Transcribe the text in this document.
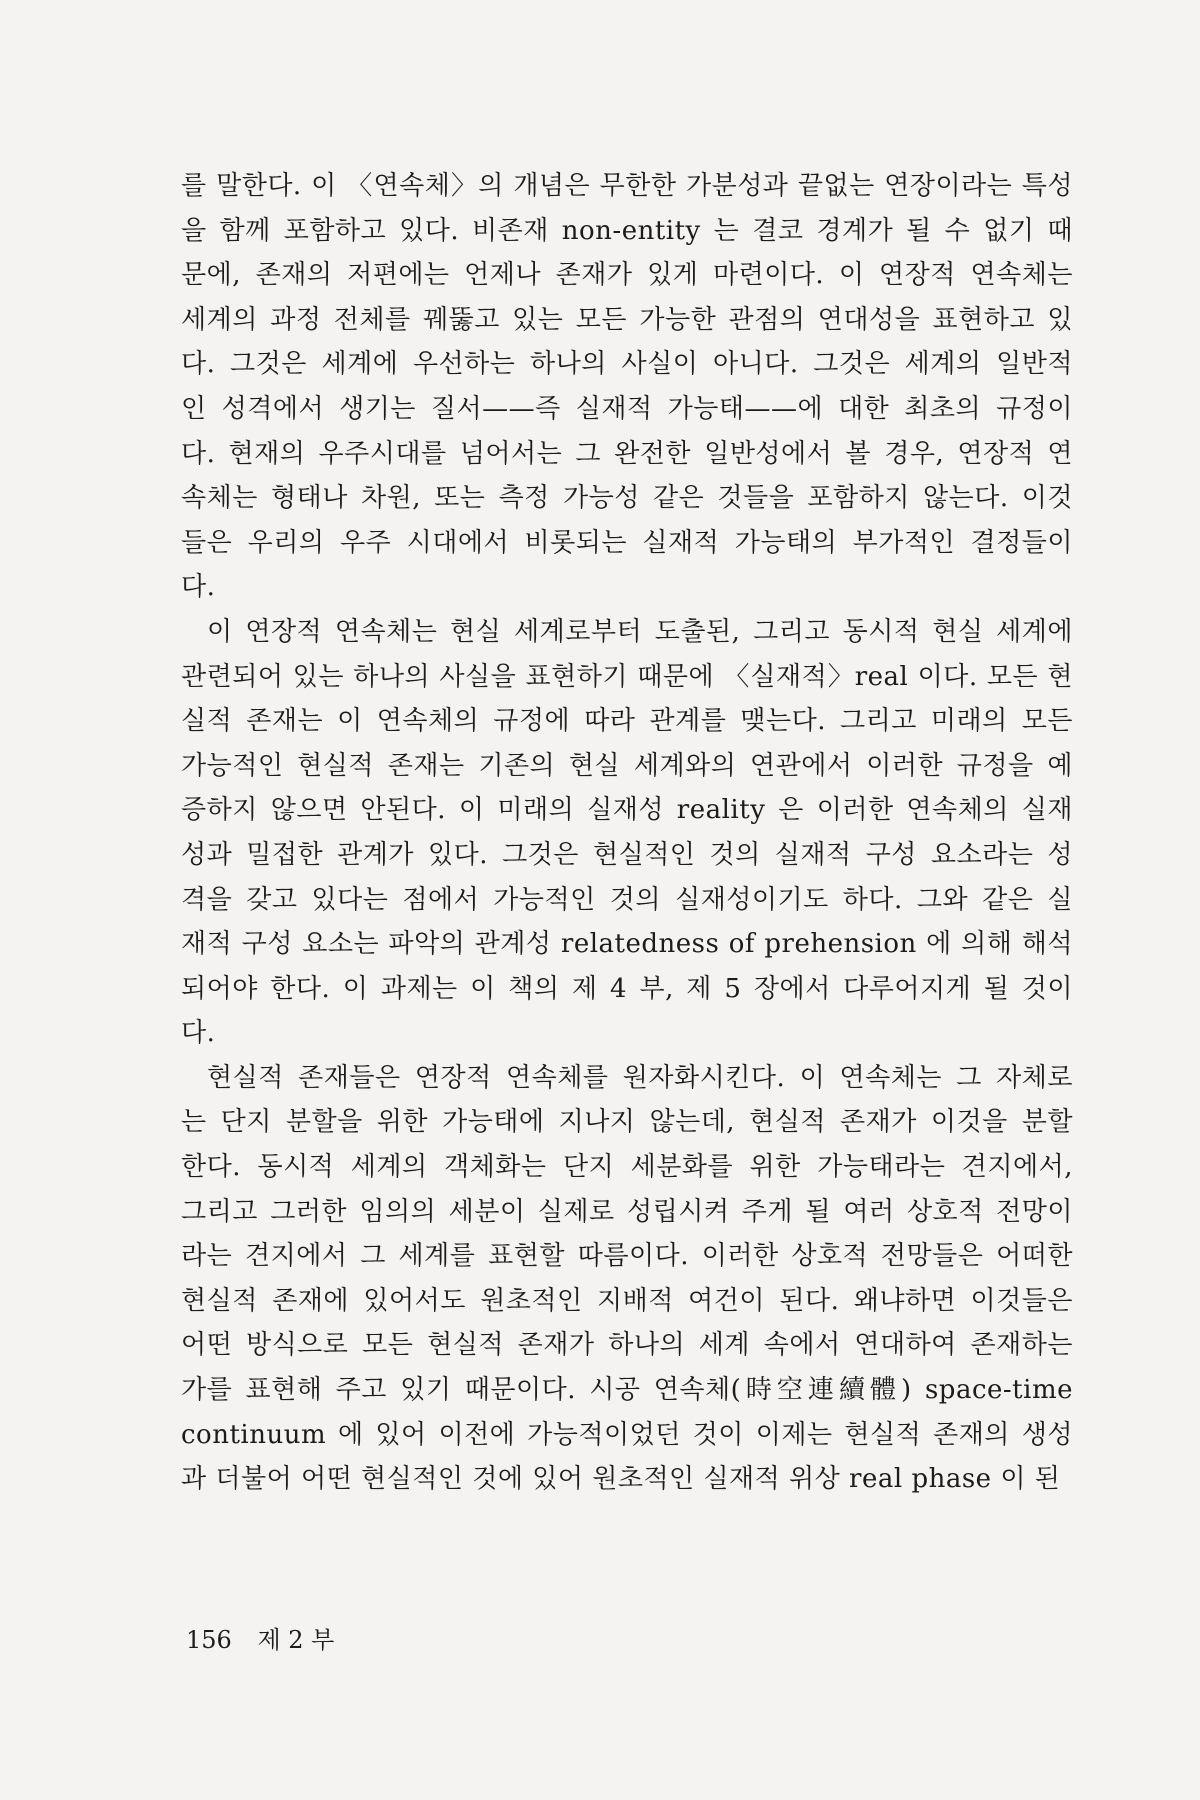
를 말한다. 이 〈연속체〉의 개념은 무한한 가분성과 끝없는 연장이라는 특성
을 함께 포함하고 있다. 비존재 non-entity 는 결코 경계가 될 수 없기 때
문에, 존재의 저편에는 언제나 존재가 있게 마련이다. 이 연장적 연속체는
세계의 과정 전체를 꿰뚫고 있는 모든 가능한 관점의 연대성을 표현하고 있
다. 그것은 세계에 우선하는 하나의 사실이 아니다. 그것은 세계의 일반적
인 성격에서 생기는 질서——즉 실재적 가능태——에 대한 최초의 규정이
다. 현재의 우주시대를 넘어서는 그 완전한 일반성에서 볼 경우, 연장적 연
속체는 형태나 차원, 또는 측정 가능성 같은 것들을 포함하지 않는다. 이것
들은 우리의 우주 시대에서 비롯되는 실재적 가능태의 부가적인 결정들이
다.

이 연장적 연속체는 현실 세계로부터 도출된, 그리고 동시적 현실 세계에
관련되어 있는 하나의 사실을 표현하기 때문에 〈실재적〉real 이다. 모든 현
실적 존재는 이 연속체의 규정에 따라 관계를 맺는다. 그리고 미래의 모든
가능적인 현실적 존재는 기존의 현실 세계와의 연관에서 이러한 규정을 예
증하지 않으면 안된다. 이 미래의 실재성 reality 은 이러한 연속체의 실재
성과 밀접한 관계가 있다. 그것은 현실적인 것의 실재적 구성 요소라는 성
격을 갖고 있다는 점에서 가능적인 것의 실재성이기도 하다. 그와 같은 실
재적 구성 요소는 파악의 관계성 relatedness of prehension 에 의해 해석
되어야 한다. 이 과제는 이 책의 제 4 부, 제 5 장에서 다루어지게 될 것이
다.

현실적 존재들은 연장적 연속체를 원자화시킨다. 이 연속체는 그 자체로
는 단지 분할을 위한 가능태에 지나지 않는데, 현실적 존재가 이것을 분할
한다. 동시적 세계의 객체화는 단지 세분화를 위한 가능태라는 견지에서,
그리고 그러한 임의의 세분이 실제로 성립시켜 주게 될 여러 상호적 전망이
라는 견지에서 그 세계를 표현할 따름이다. 이러한 상호적 전망들은 어떠한
현실적 존재에 있어서도 원초적인 지배적 여건이 된다. 왜냐하면 이것들은
어떤 방식으로 모든 현실적 존재가 하나의 세계 속에서 연대하여 존재하는
가를 표현해 주고 있기 때문이다. 시공 연속체(時空連續體) space-time
continuum 에 있어 이전에 가능적이었던 것이 이제는 현실적 존재의 생성
과 더불어 어떤 현실적인 것에 있어 원초적인 실재적 위상 real phase 이 된

156 제 2 부
